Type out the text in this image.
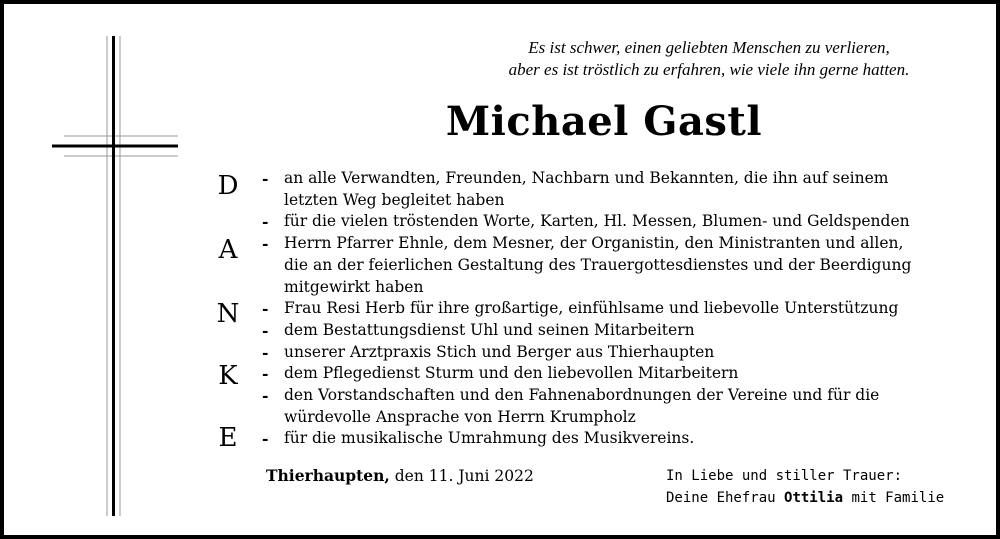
Es ist schwer, einen geliebten Menschen zu verlieren,
aber es ist tröstlich zu erfahren, wie viele ihn gerne hatten.
Michael Gastl
D
A
N
K
E
- an alle Verwandten, Freunden, Nachbarn und Bekannten, die ihn auf seinem
letzten Weg begleitet haben
- für die vielen tröstenden Worte, Karten, Hl. Messen, Blumen- und Geldspenden
- Herrn Pfarrer Ehnle, dem Mesner, der Organistin, den Ministranten und allen,
die an der feierlichen Gestaltung des Trauergottesdienstes und der Beerdigung
mitgewirkt haben
- Frau Resi Herb für ihre großartige, einfühlsame und liebevolle Unterstützung
- dem Bestattungsdienst Uhl und seinen Mitarbeitern
- unserer Arztpraxis Stich und Berger aus Thierhaupten
- dem Pflegedienst Sturm und den liebevollen Mitarbeitern
- den Vorstandschaften und den Fahnenabordnungen der Vereine und für die
würdevolle Ansprache von Herrn Krumpholz
- für die musikalische Umrahmung des Musikvereins.
Thierhaupten, den 11. Juni 2022	In Liebe und stiller Trauer:
Deine Ehefrau Ottilia mit Familie
